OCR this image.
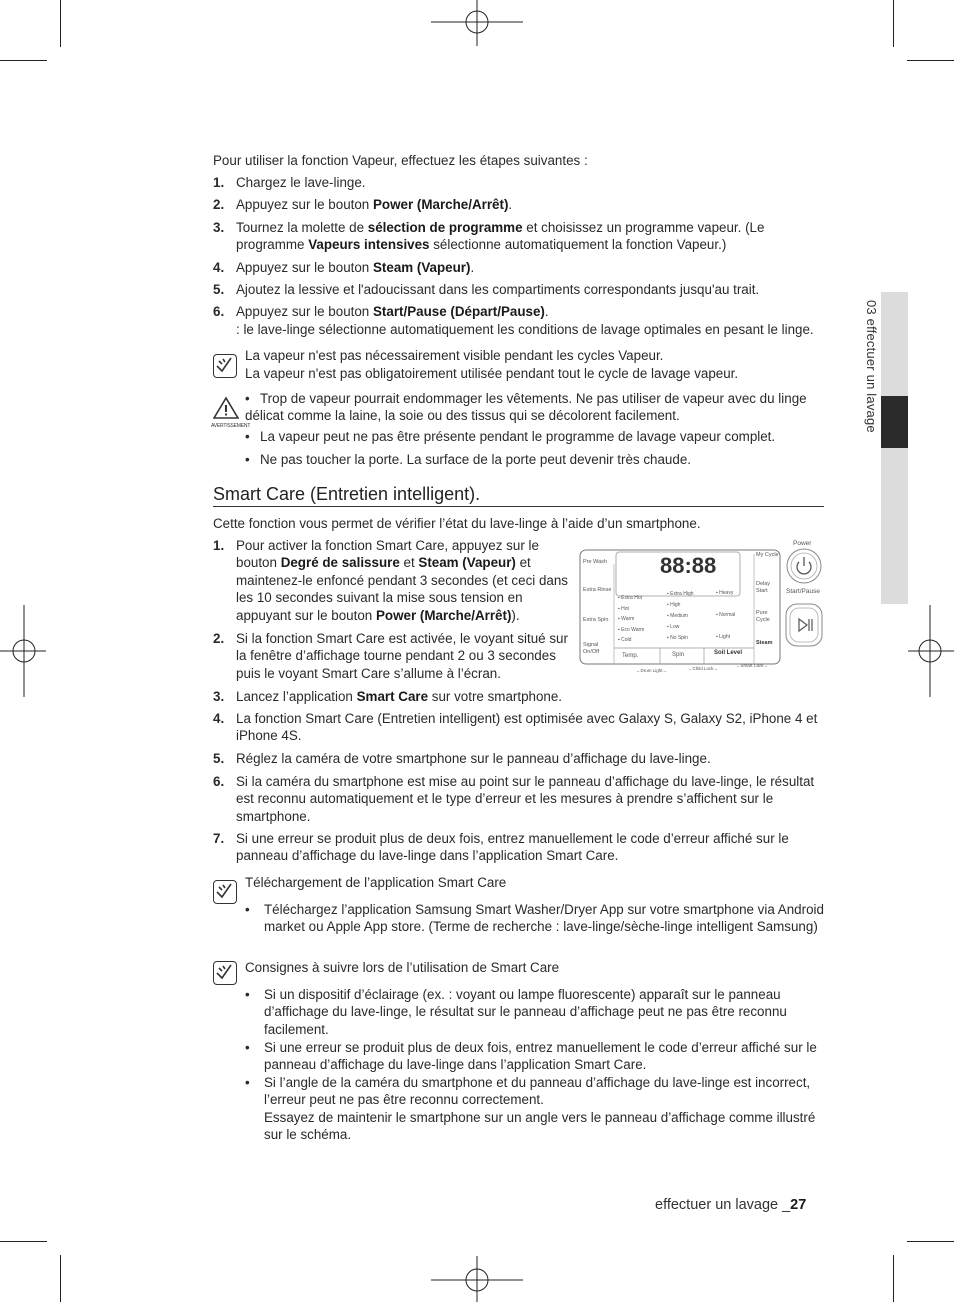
03 effectuer un lavage
Pour utiliser la fonction Vapeur, effectuez les étapes suivantes :
1. Chargez le lave-linge.
2. Appuyez sur le bouton Power (Marche/Arrêt).
3. Tournez la molette de sélection de programme et choisissez un programme vapeur. (Le programme Vapeurs intensives sélectionne automatiquement la fonction Vapeur.)
4. Appuyez sur le bouton Steam (Vapeur).
5. Ajoutez la lessive et l'adoucissant dans les compartiments correspondants jusqu'au trait.
6. Appuyez sur le bouton Start/Pause (Départ/Pause).
: le lave-linge sélectionne automatiquement les conditions de lavage optimales en pesant le linge.
La vapeur n'est pas nécessairement visible pendant les cycles Vapeur.
La vapeur n'est pas obligatoirement utilisée pendant tout le cycle de lavage vapeur.
AVERTISSEMENT
• Trop de vapeur pourrait endommager les vêtements. Ne pas utiliser de vapeur avec du linge délicat comme la laine, la soie ou des tissus qui se décolorent facilement.
• La vapeur peut ne pas être présente pendant le programme de lavage vapeur complet.
• Ne pas toucher la porte. La surface de la porte peut devenir très chaude.
Smart Care (Entretien intelligent).
Cette fonction vous permet de vérifier l’état du lave-linge à l’aide d’un smartphone.
1. Pour activer la fonction Smart Care, appuyez sur le bouton Degré de salissure et Steam (Vapeur) et maintenez-le enfoncé pendant 3 secondes (et ceci dans les 10 secondes suivant la mise sous tension en appuyant sur le bouton Power (Marche/Arrêt)).
2. Si la fonction Smart Care est activée, le voyant situé sur la fenêtre d’affichage tourne pendant 2 ou 3 secondes puis le voyant Smart Care s’allume à l’écran.
3. Lancez l’application Smart Care sur votre smartphone.
4. La fonction Smart Care (Entretien intelligent) est optimisée avec Galaxy S, Galaxy S2, iPhone 4 et iPhone 4S.
5. Réglez la caméra de votre smartphone sur le panneau d’affichage du lave-linge.
6. Si la caméra du smartphone est mise au point sur le panneau d’affichage du lave-linge, le résultat est reconnu automatiquement et le type d’erreur et les mesures à prendre s’affichent sur le smartphone.
7. Si une erreur se produit plus de deux fois, entrez manuellement le code d’erreur affiché sur le panneau d’affichage du lave-linge dans l’application Smart Care.
Pre Wash
Extra Rinse
Extra Spin
Signal On/Off
My Cycle
Delay Start
Pure Cycle
Steam
▪ Extra Hot
▪ Hot
▪ Warm
▪ Eco Warm
▪ Cold
▪ Extra High
▪ High
▪ Medium
▪ Low
▪ No Spin
▪ Heavy
▪ Normal
▪ Light
Temp.	Spin	Soil Level
←Drum Light→	←Child Lock→
←Smart Care→
Power
Start/Pause
88:88
Téléchargement de l’application Smart Care
• Téléchargez l’application Samsung Smart Washer/Dryer App sur votre smartphone via Android market ou Apple App store. (Terme de recherche : lave-linge/sèche-linge intelligent Samsung)
Consignes à suivre lors de l’utilisation de Smart Care
• Si un dispositif d’éclairage (ex. : voyant ou lampe fluorescente) apparaît sur le panneau d’affichage du lave-linge, le résultat sur le panneau d’affichage peut ne pas être reconnu facilement.
• Si une erreur se produit plus de deux fois, entrez manuellement le code d’erreur affiché sur le panneau d’affichage du lave-linge dans l’application Smart Care.
• Si l’angle de la caméra du smartphone et du panneau d’affichage du lave-linge est incorrect, l’erreur peut ne pas être reconnu correctement.
Essayez de maintenir le smartphone sur un angle vers le panneau d’affichage comme illustré sur le schéma.
effectuer un lavage _27
